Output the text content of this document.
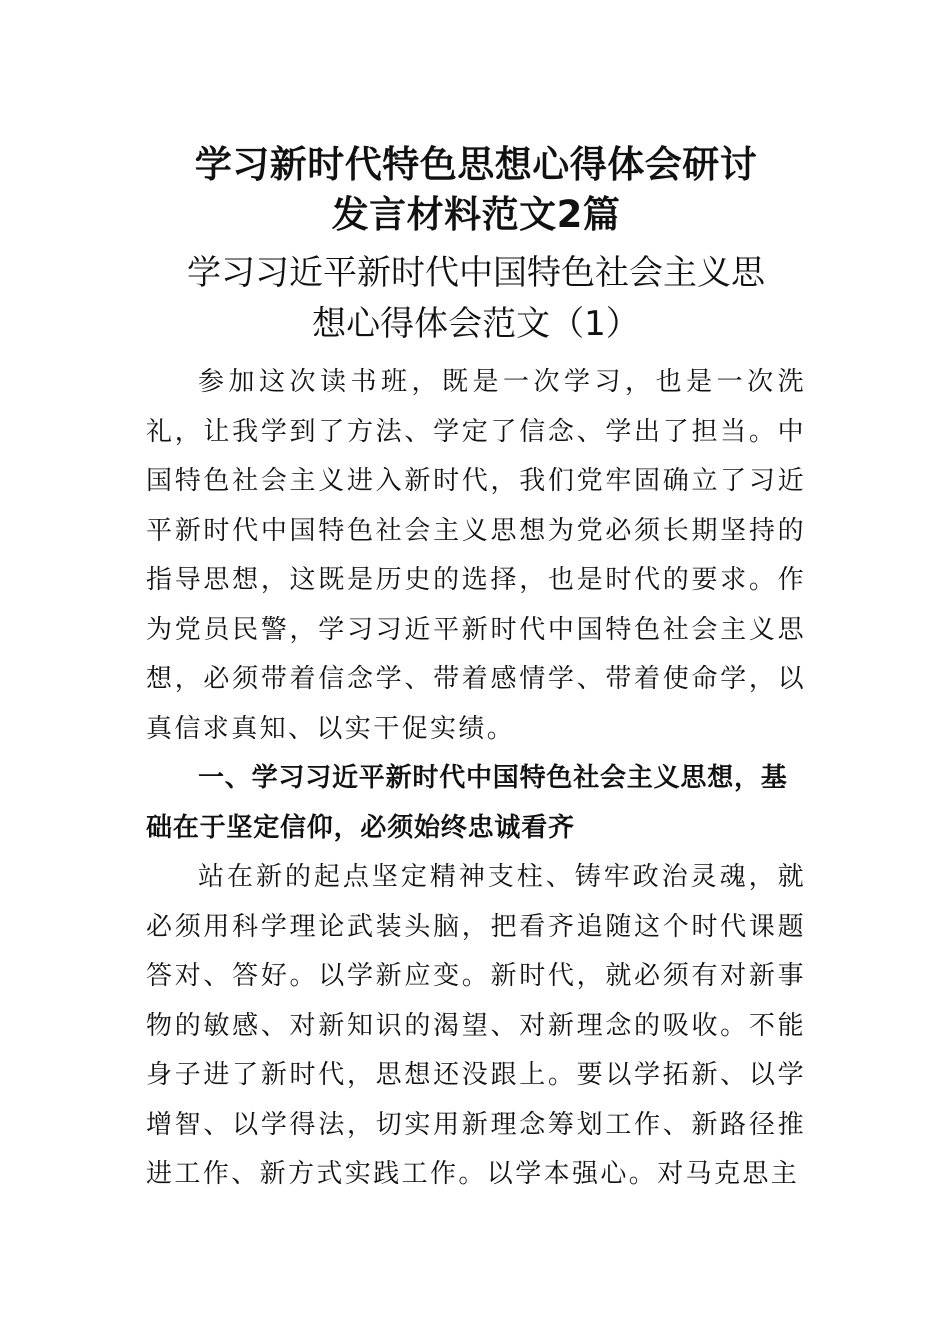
学习新时代特色思想心得体会研讨
发言材料范文2篇
学习习近平新时代中国特色社会主义思
想心得体会范文（1）

参加这次读书班，既是一次学习，也是一次洗礼，让我学到了方法、学定了信念、学出了担当。中国特色社会主义进入新时代，我们党牢固确立了习近平新时代中国特色社会主义思想为党必须长期坚持的指导思想，这既是历史的选择，也是时代的要求。作为党员民警，学习习近平新时代中国特色社会主义思想，必须带着信念学、带着感情学、带着使命学，以真信求真知、以实干促实绩。

一、学习习近平新时代中国特色社会主义思想，基础在于坚定信仰，必须始终忠诚看齐

站在新的起点坚定精神支柱、铸牢政治灵魂，就必须用科学理论武装头脑，把看齐追随这个时代课题答对、答好。以学新应变。新时代，就必须有对新事物的敏感、对新知识的渴望、对新理念的吸收。不能身子进了新时代，思想还没跟上。要以学拓新、以学增智、以学得法，切实用新理念筹划工作、新路径推进工作、新方式实践工作。以学本强心。对马克思主
